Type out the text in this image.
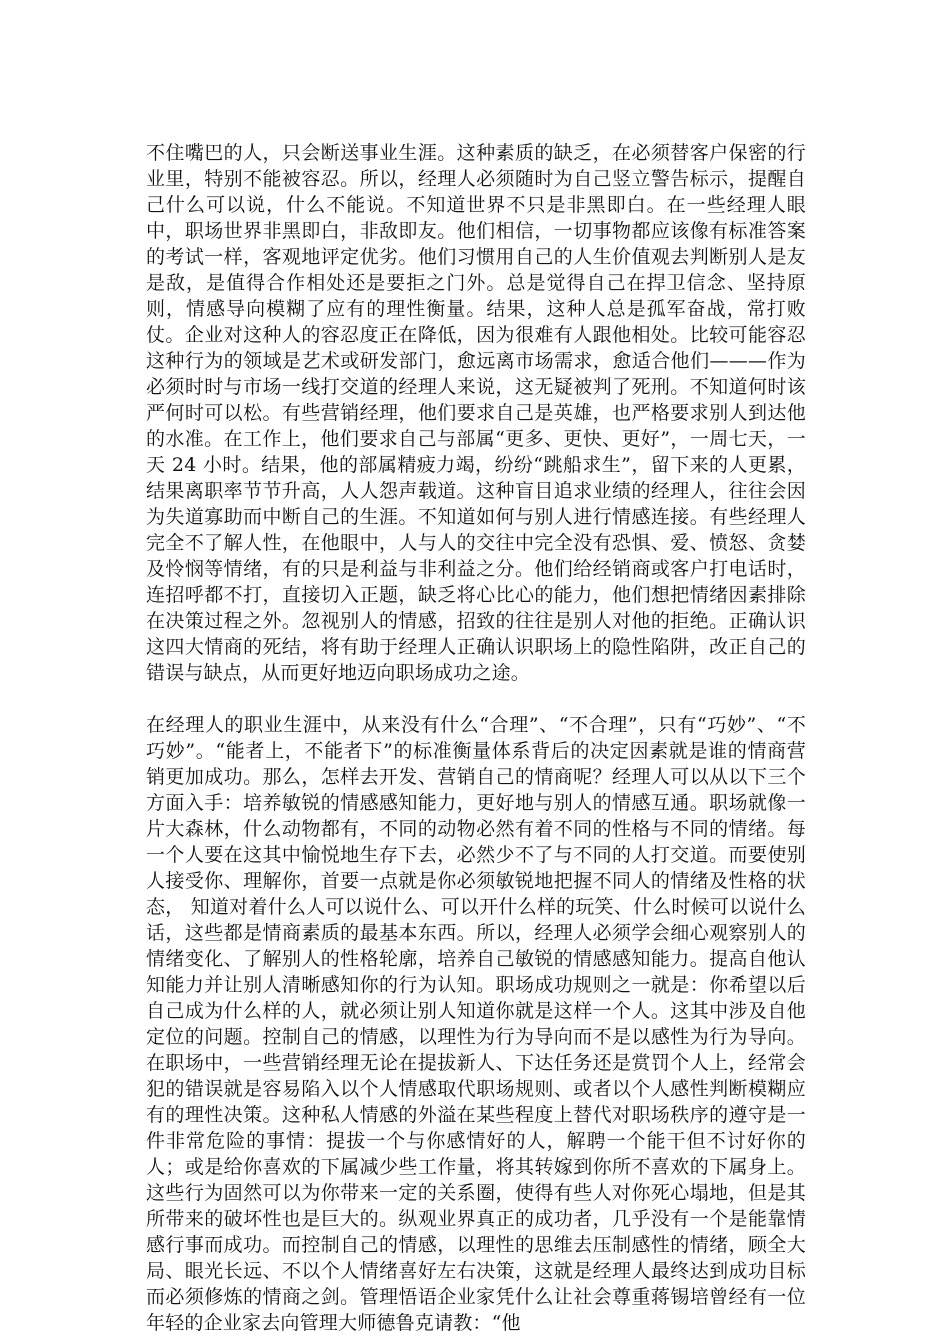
不住嘴巴的人，只会断送事业生涯。这种素质的缺乏，在必须替客户保密的行业里，特别不能被容忍。所以，经理人必须随时为自己竖立警告标示，提醒自己什么可以说，什么不能说。不知道世界不只是非黑即白。在一些经理人眼中，职场世界非黑即白，非敌即友。他们相信，一切事物都应该像有标准答案的考试一样，客观地评定优劣。他们习惯用自己的人生价值观去判断别人是友是敌，是值得合作相处还是要拒之门外。总是觉得自己在捍卫信念、坚持原则，情感导向模糊了应有的理性衡量。结果，这种人总是孤军奋战，常打败仗。企业对这种人的容忍度正在降低，因为很难有人跟他相处。比较可能容忍这种行为的领域是艺术或研发部门，愈远离市场需求，愈适合他们———作为必须时时与市场一线打交道的经理人来说，这无疑被判了死刑。不知道何时该严何时可以松。有些营销经理，他们要求自己是英雄，也严格要求别人到达他的水准。在工作上，他们要求自己与部属“更多、更快、更好”，一周七天，一天 24 小时。结果，他的部属精疲力竭，纷纷“跳船求生”，留下来的人更累，结果离职率节节升高，人人怨声载道。这种盲目追求业绩的经理人，往往会因为失道寡助而中断自己的生涯。不知道如何与别人进行情感连接。有些经理人完全不了解人性，在他眼中，人与人的交往中完全没有恐惧、爱、愤怒、贪婪及怜悯等情绪，有的只是利益与非利益之分。他们给经销商或客户打电话时，连招呼都不打，直接切入正题，缺乏将心比心的能力，他们想把情绪因素排除在决策过程之外。忽视别人的情感，招致的往往是别人对他的拒绝。正确认识这四大情商的死结，将有助于经理人正确认识职场上的隐性陷阱，改正自己的错误与缺点，从而更好地迈向职场成功之途。

在经理人的职业生涯中，从来没有什么“合理”、“不合理”，只有“巧妙”、“不巧妙”。“能者上，不能者下”的标准衡量体系背后的决定因素就是谁的情商营销更加成功。那么，怎样去开发、营销自己的情商呢？经理人可以从以下三个方面入手：培养敏锐的情感感知能力，更好地与别人的情感互通。职场就像一片大森林，什么动物都有，不同的动物必然有着不同的性格与不同的情绪。每一个人要在这其中愉悦地生存下去，必然少不了与不同的人打交道。而要使别人接受你、理解你，首要一点就是你必须敏锐地把握不同人的情绪及性格的状态， 知道对着什么人可以说什么、可以开什么样的玩笑、什么时候可以说什么话，这些都是情商素质的最基本东西。所以，经理人必须学会细心观察别人的情绪变化、了解别人的性格轮廓，培养自己敏锐的情感感知能力。提高自他认知能力并让别人清晰感知你的行为认知。职场成功规则之一就是：你希望以后自己成为什么样的人，就必须让别人知道你就是这样一个人。这其中涉及自他定位的问题。控制自己的情感，以理性为行为导向而不是以感性为行为导向。在职场中，一些营销经理无论在提拔新人、下达任务还是赏罚个人上，经常会犯的错误就是容易陷入以个人情感取代职场规则、或者以个人感性判断模糊应有的理性决策。这种私人情感的外溢在某些程度上替代对职场秩序的遵守是一件非常危险的事情：提拔一个与你感情好的人，解聘一个能干但不讨好你的人；或是给你喜欢的下属减少些工作量，将其转嫁到你所不喜欢的下属身上。这些行为固然可以为你带来一定的关系圈，使得有些人对你死心塌地，但是其所带来的破坏性也是巨大的。纵观业界真正的成功者，几乎没有一个是能靠情感行事而成功。而控制自己的情感，以理性的思维去压制感性的情绪，顾全大局、眼光长远、不以个人情绪喜好左右决策，这就是经理人最终达到成功目标而必须修炼的情商之剑。管理悟语企业家凭什么让社会尊重蒋锡培曾经有一位年轻的企业家去向管理大师德鲁克请教：“他
